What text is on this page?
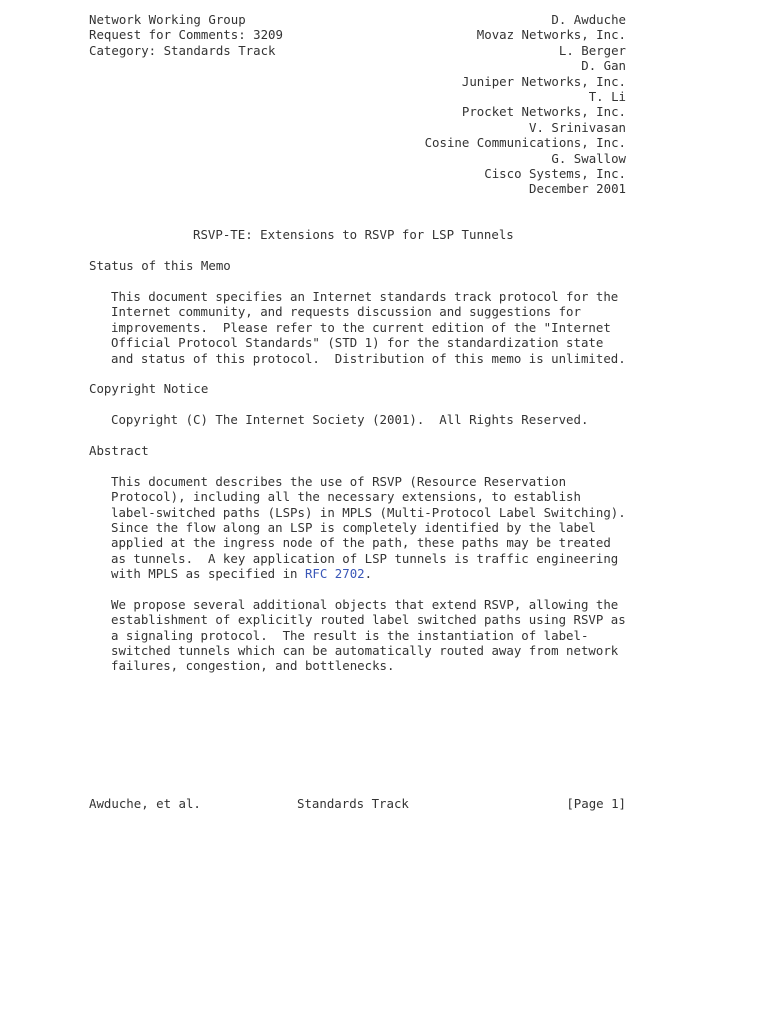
Network Working Group	D. Awduche
Request for Comments: 3209	Movaz Networks, Inc.
Category: Standards Track	L. Berger
D. Gan
Juniper Networks, Inc.
T. Li
Procket Networks, Inc.
V. Srinivasan
Cosine Communications, Inc.
G. Swallow
Cisco Systems, Inc.
December 2001
RSVP-TE: Extensions to RSVP for LSP Tunnels
Status of this Memo
This document specifies an Internet standards track protocol for the
Internet community, and requests discussion and suggestions for
improvements.  Please refer to the current edition of the "Internet
Official Protocol Standards" (STD 1) for the standardization state
and status of this protocol.  Distribution of this memo is unlimited.
Copyright Notice
Copyright (C) The Internet Society (2001).  All Rights Reserved.
Abstract
This document describes the use of RSVP (Resource Reservation
Protocol), including all the necessary extensions, to establish
label-switched paths (LSPs) in MPLS (Multi-Protocol Label Switching).
Since the flow along an LSP is completely identified by the label
applied at the ingress node of the path, these paths may be treated
as tunnels.  A key application of LSP tunnels is traffic engineering
with MPLS as specified in RFC 2702.
We propose several additional objects that extend RSVP, allowing the
establishment of explicitly routed label switched paths using RSVP as
a signaling protocol.  The result is the instantiation of label-
switched tunnels which can be automatically routed away from network
failures, congestion, and bottlenecks.
Awduche, et al.	Standards Track	[Page 1]
